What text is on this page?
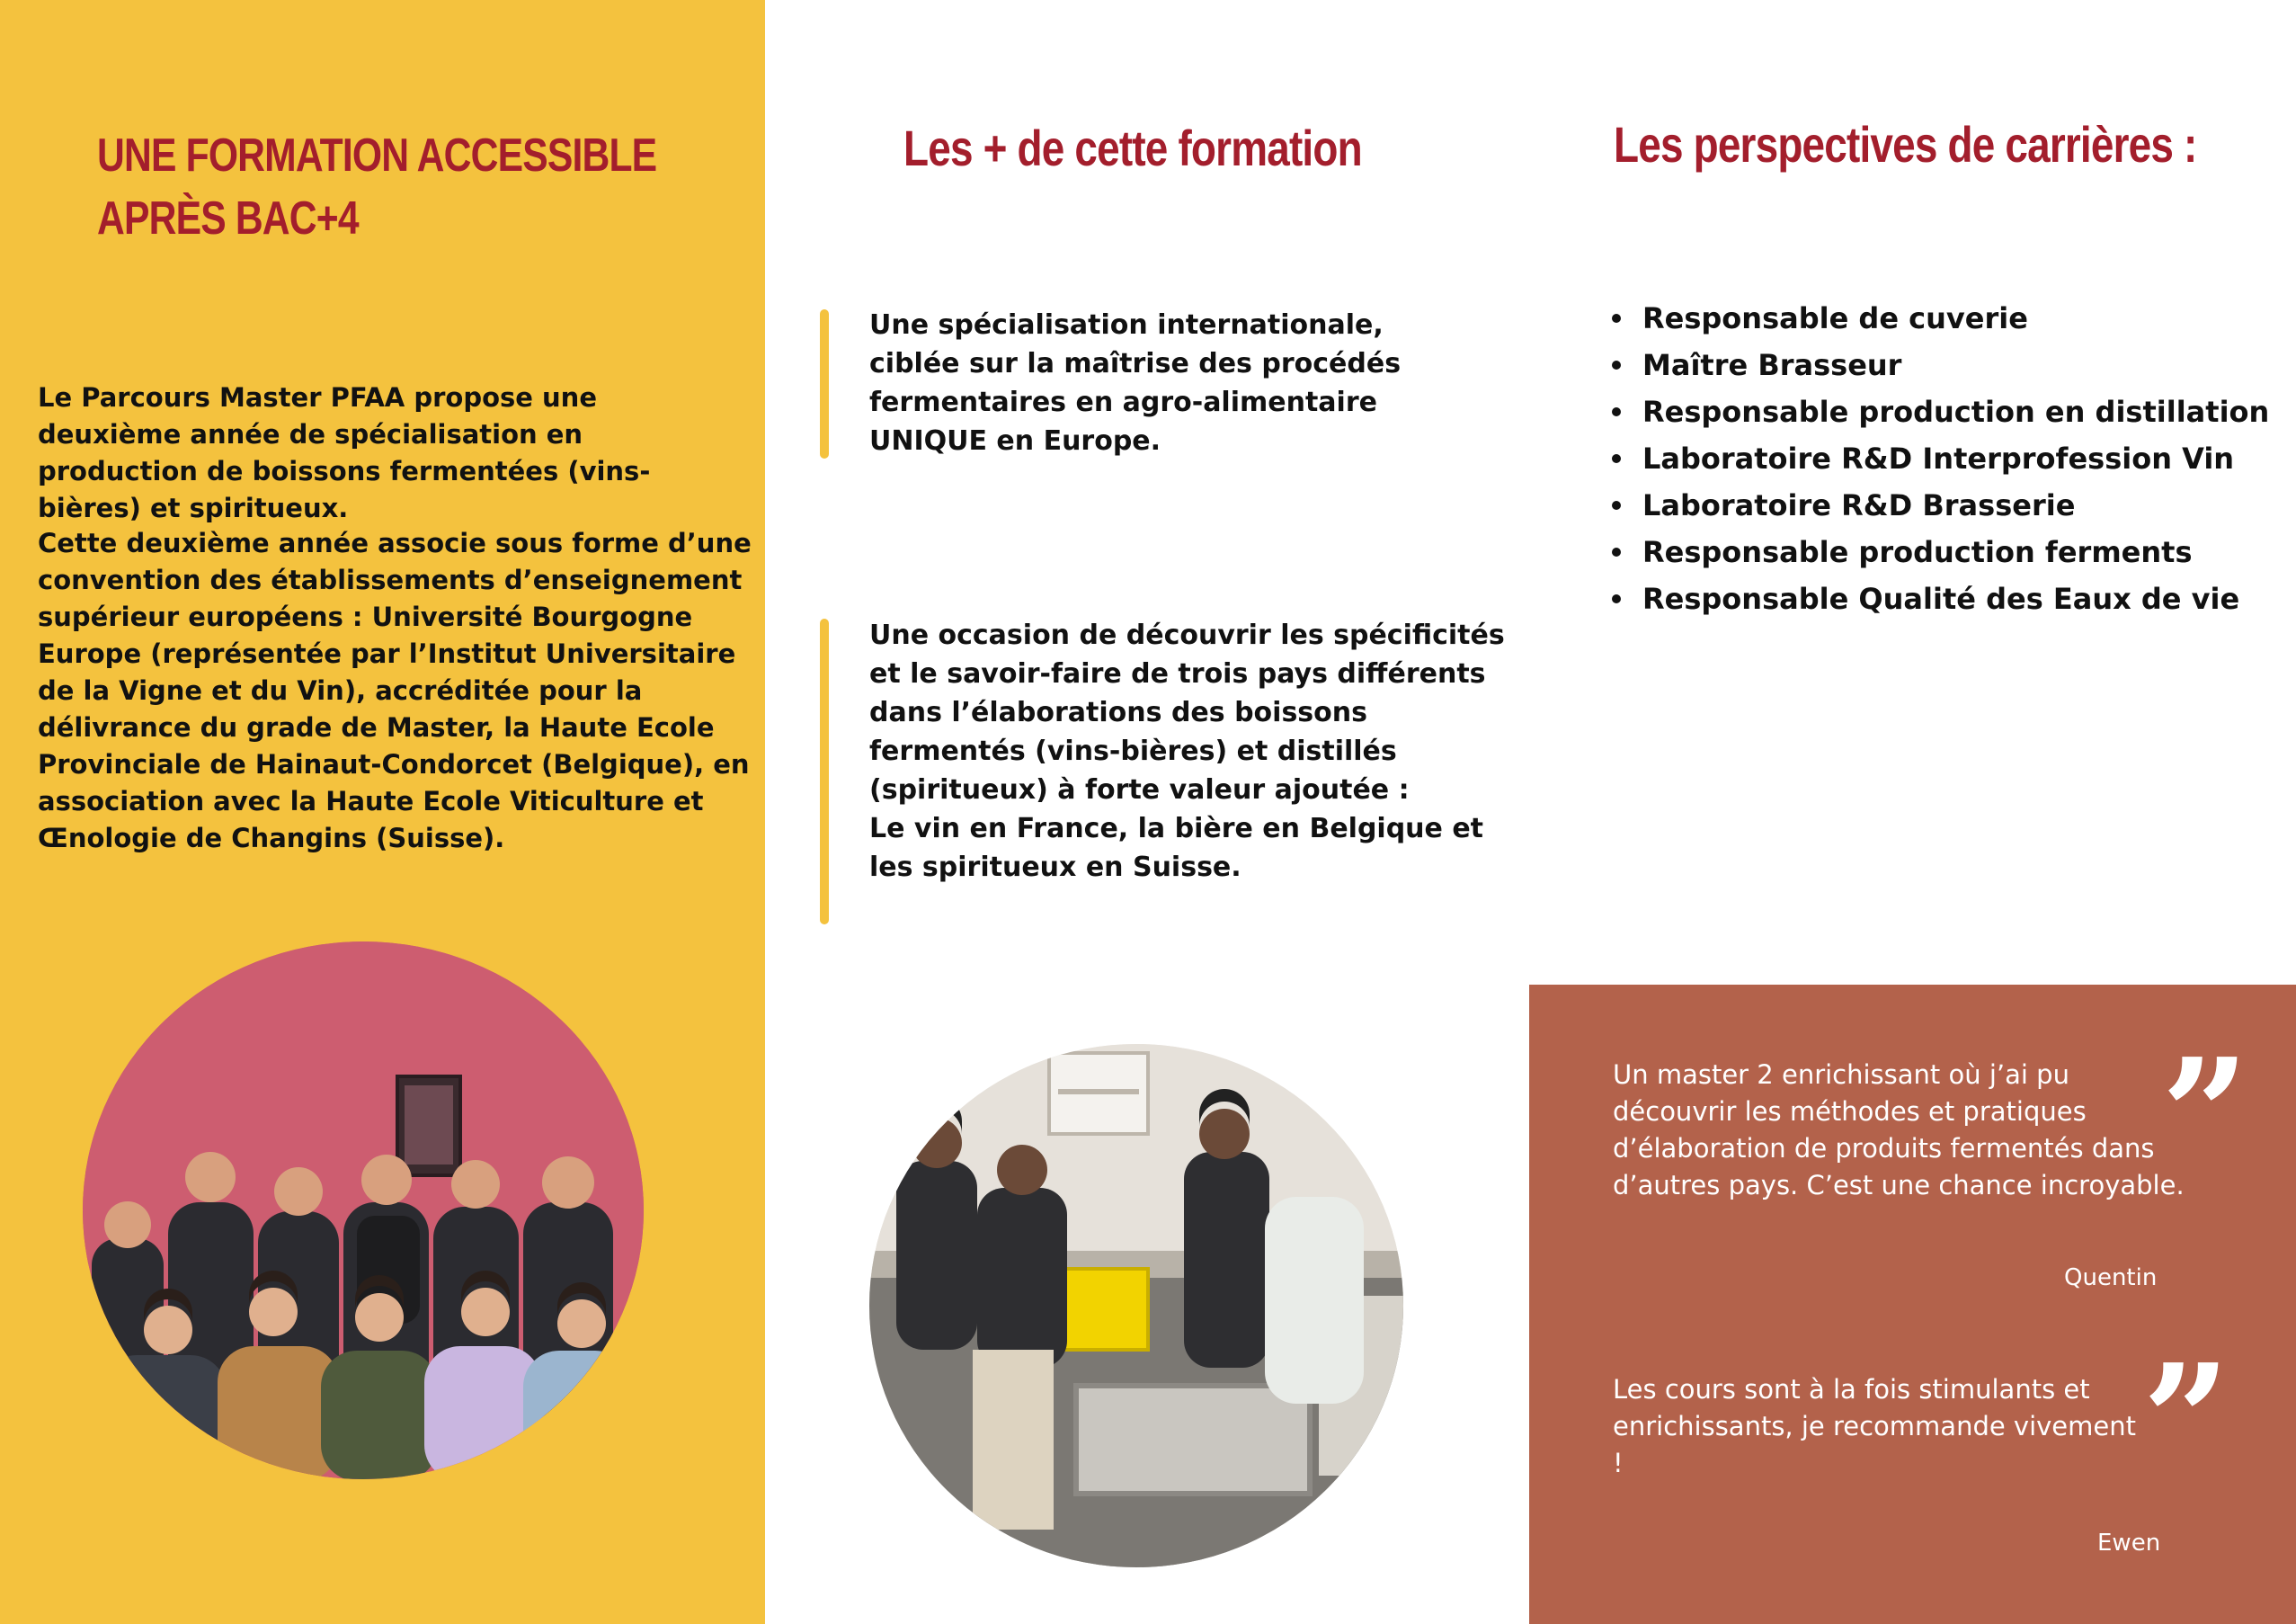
UNE FORMATION ACCESSIBLE APRÈS BAC+4

Le Parcours Master PFAA propose une deuxième année de spécialisation en production de boissons fermentées (vins-bières) et spiritueux.

Cette deuxième année associe sous forme d’une convention des établissements d’enseignement supérieur européens : Université Bourgogne Europe (représentée par l’Institut Universitaire de la Vigne et du Vin), accréditée pour la délivrance du grade de Master, la Haute Ecole Provinciale de Hainaut-Condorcet (Belgique), en association avec la Haute Ecole Viticulture et Œnologie de Changins (Suisse).

Les + de cette formation

Une spécialisation internationale, ciblée sur la maîtrise des procédés fermentaires en agro-alimentaire UNIQUE en Europe.

Une occasion de découvrir les spécificités et le savoir-faire de trois pays différents dans l’élaborations des boissons fermentés (vins-bières) et distillés (spiritueux) à forte valeur ajoutée :

Le vin en France, la bière en Belgique et les spiritueux en Suisse.

Les perspectives de carrières :
Responsable de cuverie
Maître Brasseur
Responsable production en distillation
Laboratoire R&D Interprofession Vin
Laboratoire R&D Brasserie
Responsable production ferments
Responsable Qualité des Eaux de vie

Un master 2 enrichissant où j’ai pu découvrir les méthodes et pratiques d’élaboration de produits fermentés dans d’autres pays. C’est une chance incroyable.

”
Quentin

Les cours sont à la fois stimulants et enrichissants, je recommande vivement !	”
Ewen
